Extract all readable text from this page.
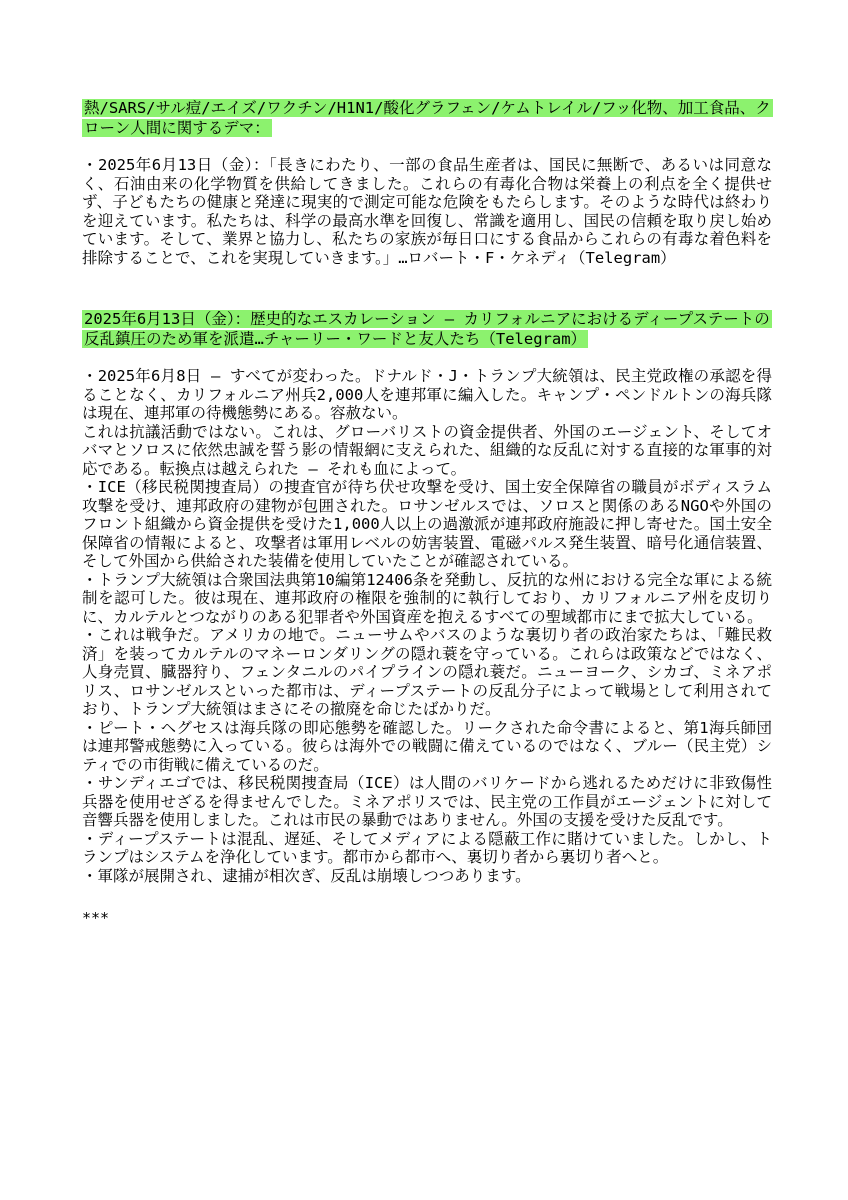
熱/SARS/サル痘/エイズ/ワクチン/H1N1/酸化グラフェン/ケムトレイル/フッ化物、加工食品、クローン人間に関するデマ：

・2025年6月13日（金）：「長きにわたり、一部の食品生産者は、国民に無断で、あるいは同意なく、石油由来の化学物質を供給してきました。これらの有毒化合物は栄養上の利点を全く提供せず、子どもたちの健康と発達に現実的で測定可能な危険をもたらします。そのような時代は終わりを迎えています。私たちは、科学の最高水準を回復し、常識を適用し、国民の信頼を取り戻し始めています。そして、業界と協力し、私たちの家族が毎日口にする食品からこれらの有毒な着色料を排除することで、これを実現していきます。」…ロバート・F・ケネディ（Telegram）

2025年6月13日（金）：歴史的なエスカレーション — カリフォルニアにおけるディープステートの反乱鎮圧のため軍を派遣…チャーリー・ワードと友人たち（Telegram）

・2025年6月8日 — すべてが変わった。ドナルド・J・トランプ大統領は、民主党政権の承認を得ることなく、カリフォルニア州兵2,000人を連邦軍に編入した。キャンプ・ペンドルトンの海兵隊は現在、連邦軍の待機態勢にある。容赦ない。

これは抗議活動ではない。これは、グローバリストの資金提供者、外国のエージェント、そしてオバマとソロスに依然忠誠を誓う影の情報網に支えられた、組織的な反乱に対する直接的な軍事的対応である。転換点は越えられた — それも血によって。

・ICE（移民税関捜査局）の捜査官が待ち伏せ攻撃を受け、国土安全保障省の職員がボディスラム攻撃を受け、連邦政府の建物が包囲された。ロサンゼルスでは、ソロスと関係のあるNGOや外国のフロント組織から資金提供を受けた1,000人以上の過激派が連邦政府施設に押し寄せた。国土安全保障省の情報によると、攻撃者は軍用レベルの妨害装置、電磁パルス発生装置、暗号化通信装置、そして外国から供給された装備を使用していたことが確認されている。

・トランプ大統領は合衆国法典第10編第12406条を発動し、反抗的な州における完全な軍による統制を認可した。彼は現在、連邦政府の権限を強制的に執行しており、カリフォルニア州を皮切りに、カルテルとつながりのある犯罪者や外国資産を抱えるすべての聖域都市にまで拡大している。

・これは戦争だ。アメリカの地で。ニューサムやバスのような裏切り者の政治家たちは、「難民救済」を装ってカルテルのマネーロンダリングの隠れ蓑を守っている。これらは政策などではなく、人身売買、臓器狩り、フェンタニルのパイプラインの隠れ蓑だ。ニューヨーク、シカゴ、ミネアポリス、ロサンゼルスといった都市は、ディープステートの反乱分子によって戦場として利用されており、トランプ大統領はまさにその撤廃を命じたばかりだ。

・ピート・ヘグセスは海兵隊の即応態勢を確認した。リークされた命令書によると、第1海兵師団は連邦警戒態勢に入っている。彼らは海外での戦闘に備えているのではなく、ブルー（民主党）シティでの市街戦に備えているのだ。

・サンディエゴでは、移民税関捜査局（ICE）は人間のバリケードから逃れるためだけに非致傷性兵器を使用せざるを得ませんでした。ミネアポリスでは、民主党の工作員がエージェントに対して音響兵器を使用しました。これは市民の暴動ではありません。外国の支援を受けた反乱です。

・ディープステートは混乱、遅延、そしてメディアによる隠蔽工作に賭けていました。しかし、トランプはシステムを浄化しています。都市から都市へ、裏切り者から裏切り者へと。

・軍隊が展開され、逮捕が相次ぎ、反乱は崩壊しつつあります。

***
